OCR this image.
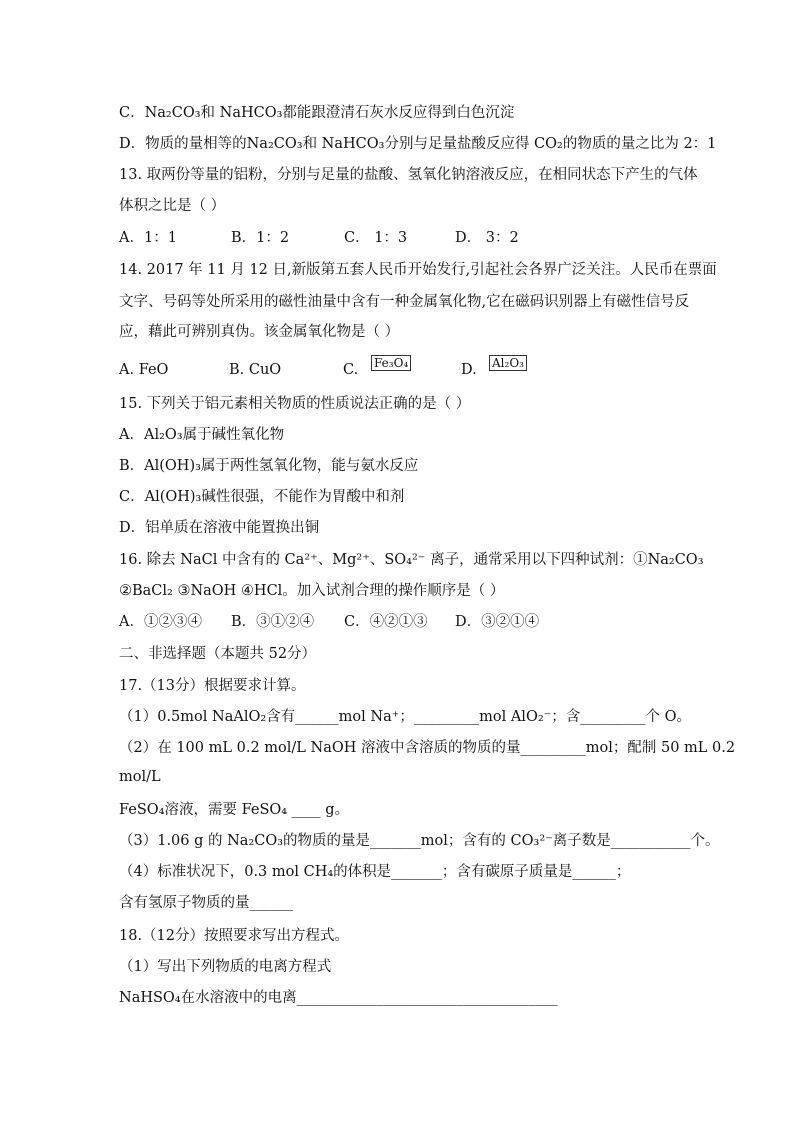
C．Na₂CO₃和 NaHCO₃都能跟澄清石灰水反应得到白色沉淀
D．物质的量相等的Na₂CO₃和 NaHCO₃分别与足量盐酸反应得 CO₂的物质的量之比为 2：1
13. 取两份等量的铝粉，分别与足量的盐酸、氢氧化钠溶液反应，在相同状态下产生的气体
体积之比是（ ）
A．1：1	B．1：2	C． 1：3	D． 3：2
14. 2017 年 11 月 12 日,新版第五套人民币开始发行,引起社会各界广泛关注。人民币在票面
文字、号码等处所采用的磁性油量中含有一种金属氧化物,它在磁码识别器上有磁性信号反
应，藉此可辨别真伪。该金属氧化物是（ ）
A. FeO	B. CuO	C. Fe₃O₄	D. Al₂O₃
15. 下列关于铝元素相关物质的性质说法正确的是（ ）
A．Al₂O₃属于碱性氧化物
B．Al(OH)₃属于两性氢氧化物，能与氨水反应
C．Al(OH)₃碱性很强，不能作为胃酸中和剂
D．铝单质在溶液中能置换出铜
16. 除去 NaCl 中含有的 Ca²⁺、Mg²⁺、SO₄²⁻ 离子，通常采用以下四种试剂：①Na₂CO₃
②BaCl₂ ③NaOH ④HCl。加入试剂合理的操作顺序是（ ）
A．①②③④ B．③①②④ C．④②①③ D．③②①④
二、非选择题（本题共 52分）
17.（13分）根据要求计算。
（1）0.5mol NaAlO₂含有______mol Na⁺；_________mol AlO₂⁻；含_________个 O。
（2）在 100 mL 0.2 mol/L NaOH 溶液中含溶质的物质的量_________mol；配制 50 mL 0.2
mol/L
FeSO₄溶液，需要 FeSO₄ ____ g。
（3）1.06 g 的 Na₂CO₃的物质的量是_______mol；含有的 CO₃²⁻离子数是___________个。
（4）标准状况下，0.3 mol CH₄的体积是_______；含有碳原子质量是______；
含有氢原子物质的量______
18.（12分）按照要求写出方程式。
（1）写出下列物质的电离方程式
NaHSO₄在水溶液中的电离____________________________________
